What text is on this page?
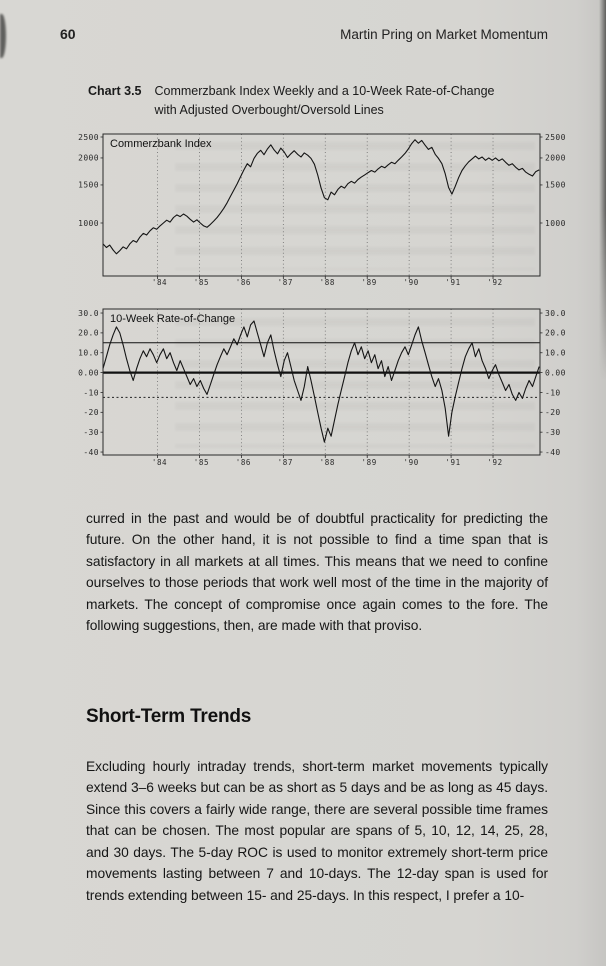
60	Martin Pring on Market Momentum
Chart 3.5 Commerzbank Index Weekly and a 10-Week Rate-of-Change with Adjusted Overbought/Oversold Lines
'84	'85	'86	'87	'88	'89	'90	'91	'92
2500	2500
2000	2000
1500	1500
1000	1000
Commerzbank Index
'84	'85	'86	'87	'88	'89	'90	'91	'92
30.0	30.0
20.0	20.0
10.0	10.0
0.00	0.00
-10	-10
-20	-20
-30	-30
-40	-40
10-Week Rate-of-Change

curred in the past and would be of doubtful practicality for predicting the future. On the other hand, it is not possible to find a time span that is satisfactory in all markets at all times. This means that we need to confine ourselves to those periods that work well most of the time in the majority of markets. The concept of compromise once again comes to the fore. The following suggestions, then, are made with that proviso.

Short-Term Trends

Excluding hourly intraday trends, short-term market movements typically extend 3–6 weeks but can be as short as 5 days and be as long as 45 days. Since this covers a fairly wide range, there are several possible time frames that can be chosen. The most popular are spans of 5, 10, 12, 14, 25, 28, and 30 days. The 5-day ROC is used to monitor extremely short-term price movements lasting between 7 and 10-days. The 12-day span is used for trends extending between 15- and 25-days. In this respect, I prefer a 10-
